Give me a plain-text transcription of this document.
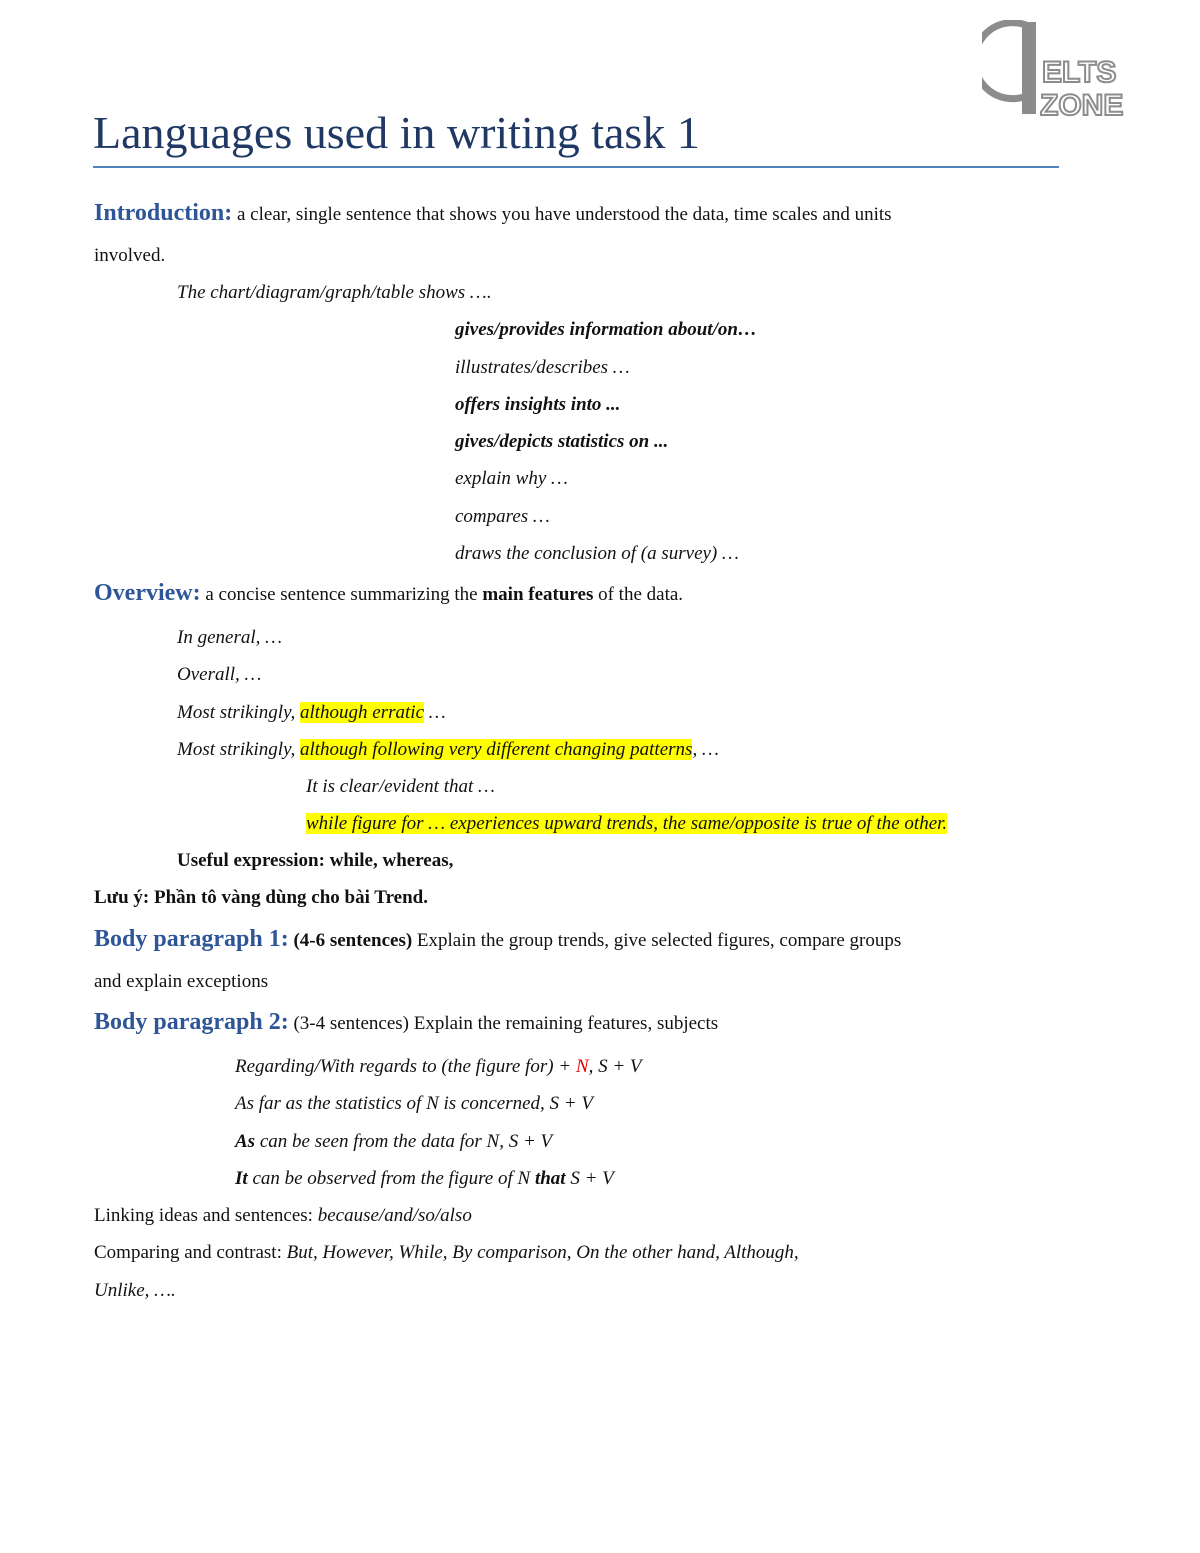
ELTS
ZONE
Languages used in writing task 1
Introduction: a clear, single sentence that shows you have understood the data, time scales and units
involved.
The chart/diagram/graph/table shows ….
gives/provides information about/on…
illustrates/describes …
offers insights into ...
gives/depicts statistics on ...
explain why …
compares …
draws the conclusion of (a survey) …
Overview: a concise sentence summarizing the main features of the data.
In general, …
Overall, …
Most strikingly, although erratic …
Most strikingly, although following very different changing patterns, …
It is clear/evident that …
while figure for … experiences upward trends, the same/opposite is true of the other.
Useful expression: while, whereas,
Lưu ý: Phần tô vàng dùng cho bài Trend.
Body paragraph 1: (4-6 sentences) Explain the group trends, give selected figures, compare groups
and explain exceptions
Body paragraph 2: (3-4 sentences) Explain the remaining features, subjects
Regarding/With regards to (the figure for) + N, S + V
As far as the statistics of N is concerned, S + V
As can be seen from the data for N, S + V
It can be observed from the figure of N that S + V
Linking ideas and sentences: because/and/so/also
Comparing and contrast: But, However, While, By comparison, On the other hand, Although,
Unlike, ….
